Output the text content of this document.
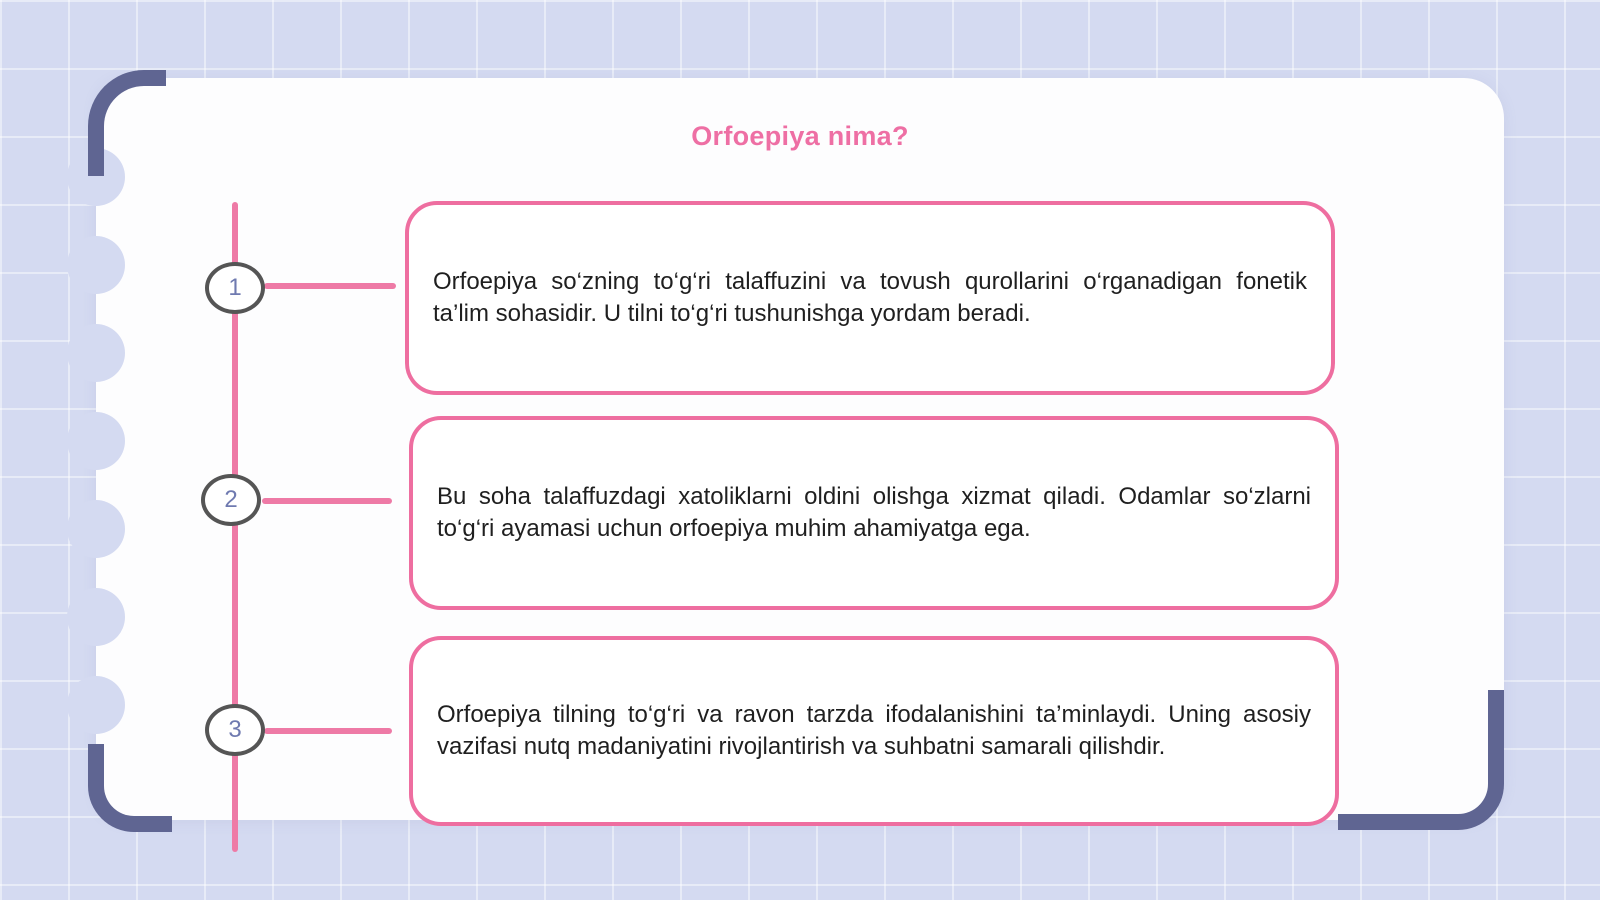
Orfoepiya nima?
1
2
3

Orfoepiya so‘zning to‘g‘ri talaffuzini va tovush qurollarini o‘rganadigan fonetik ta’lim sohasidir. U tilni to‘g‘ri tushunishga yordam beradi.

Bu soha talaffuzdagi xatoliklarni oldini olishga xizmat qiladi. Odamlar so‘zlarni to‘g‘ri ayamasi uchun orfoepiya muhim ahamiyatga ega.

Orfoepiya tilning to‘g‘ri va ravon tarzda ifodalanishini ta’minlaydi. Uning asosiy vazifasi nutq madaniyatini rivojlantirish va suhbatni samarali qilishdir.
